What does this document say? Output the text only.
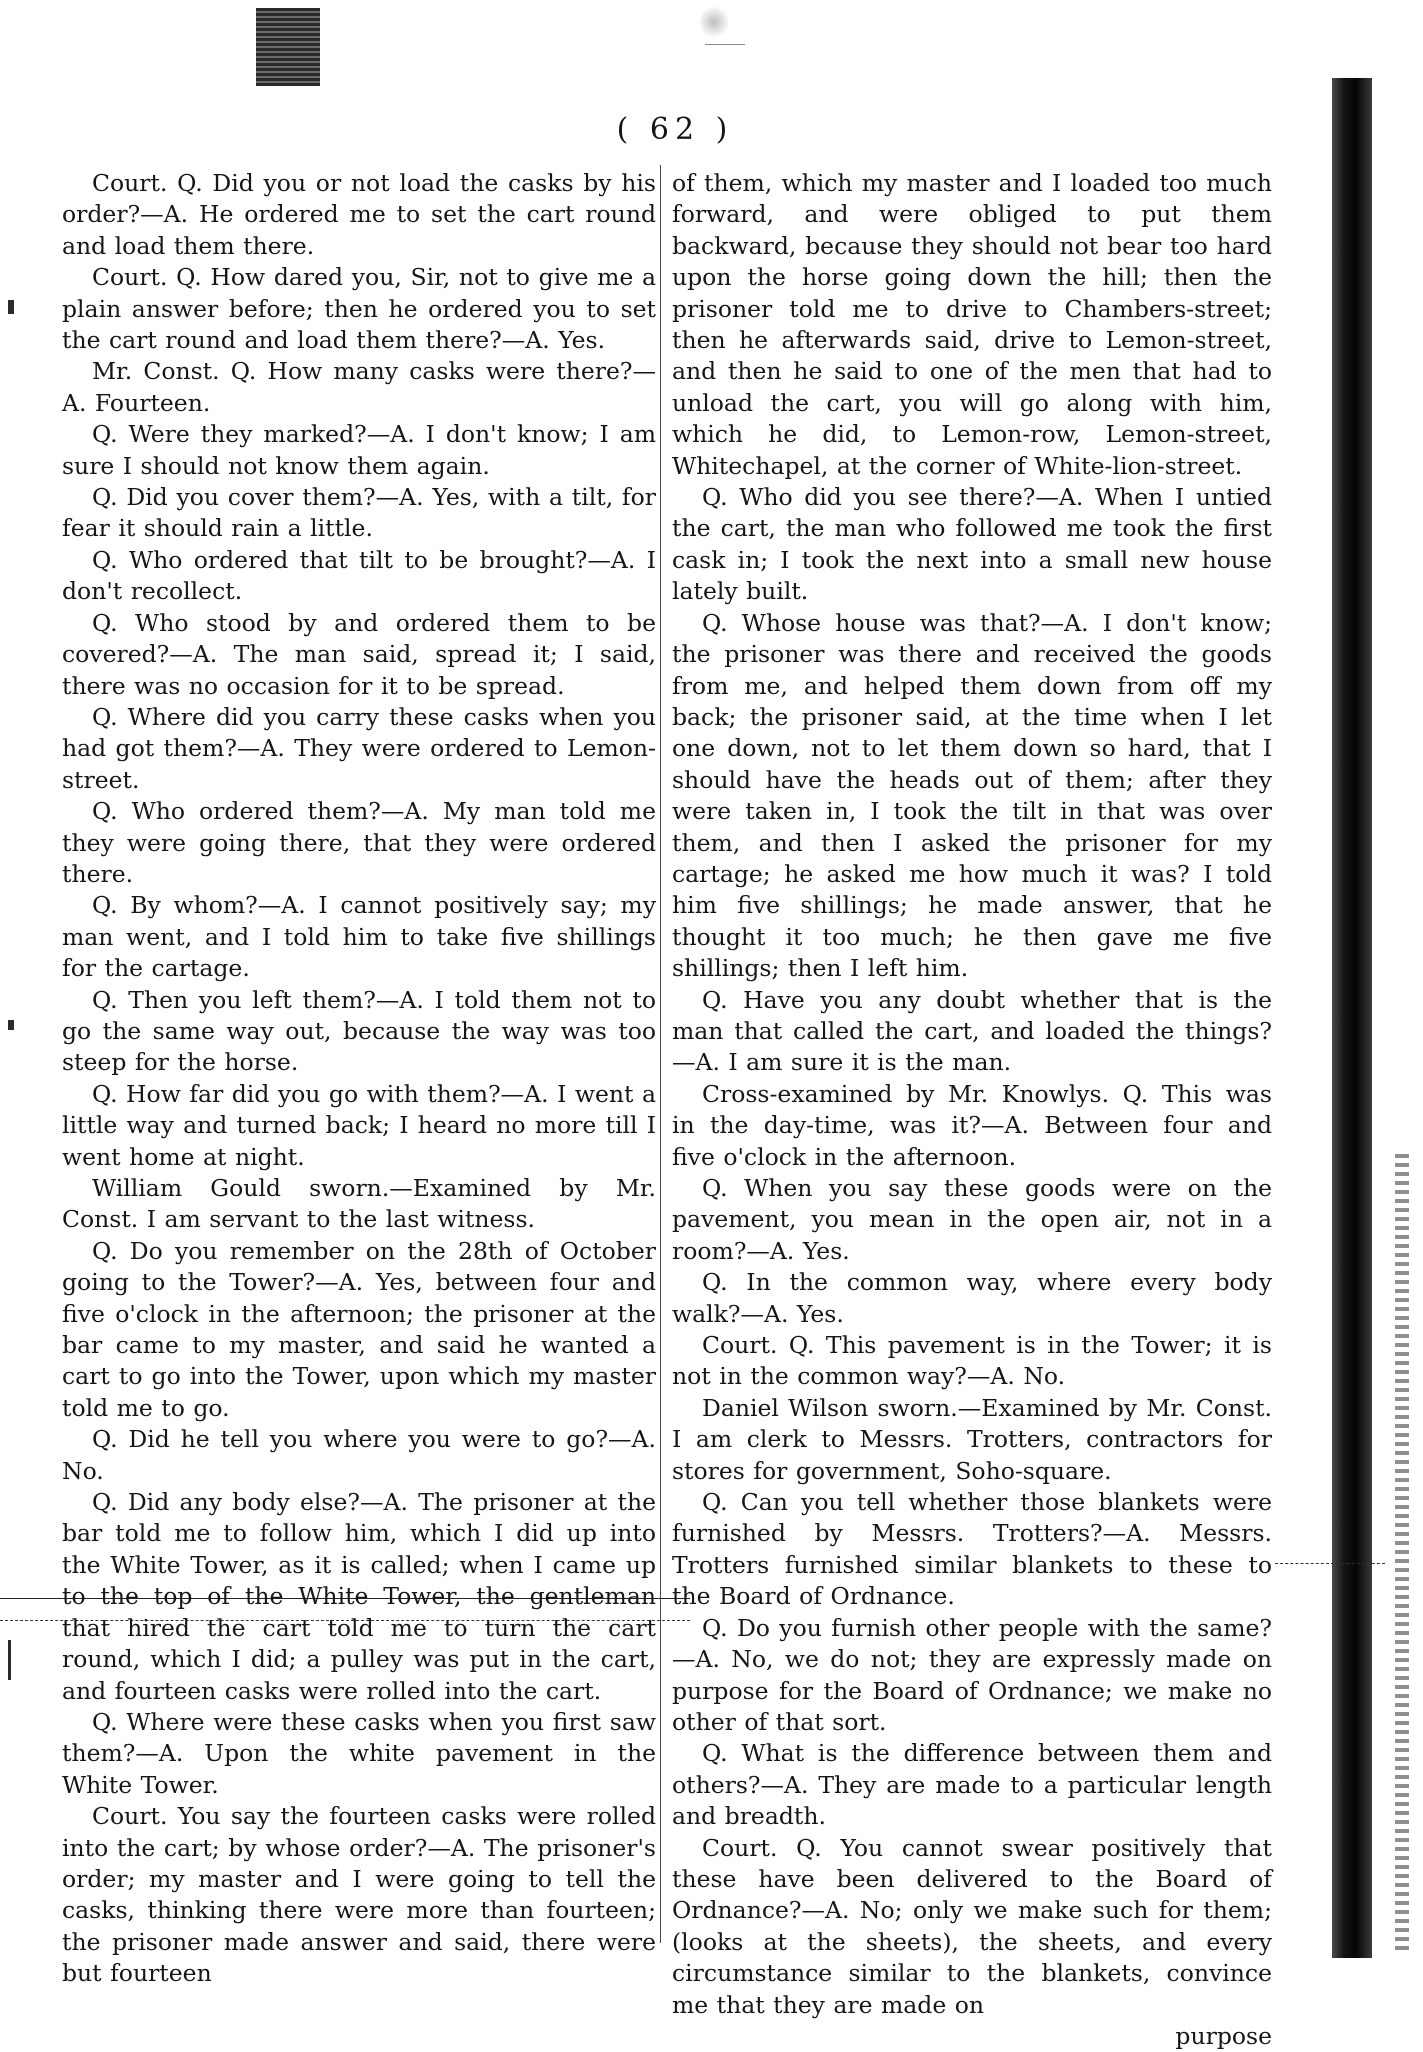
( 62 )

Court. Q. Did you or not load the casks by his order?—A. He ordered me to set the cart round and load them there.

Court. Q. How dared you, Sir, not to give me a plain answer before; then he ordered you to set the cart round and load them there?—A. Yes.

Mr. Const. Q. How many casks were there?—A. Fourteen.

Q. Were they marked?—A. I don't know; I am sure I should not know them again.

Q. Did you cover them?—A. Yes, with a tilt, for fear it should rain a little.

Q. Who ordered that tilt to be brought?—A. I don't recollect.

Q. Who stood by and ordered them to be covered?—A. The man said, spread it; I said, there was no occasion for it to be spread.

Q. Where did you carry these casks when you had got them?—A. They were ordered to Lemon-street.

Q. Who ordered them?—A. My man told me they were going there, that they were ordered there.

Q. By whom?—A. I cannot positively say; my man went, and I told him to take five shillings for the cartage.

Q. Then you left them?—A. I told them not to go the same way out, because the way was too steep for the horse.

Q. How far did you go with them?—A. I went a little way and turned back; I heard no more till I went home at night.

William Gould sworn.—Examined by Mr. Const. I am servant to the last witness.

Q. Do you remember on the 28th of October going to the Tower?—A. Yes, between four and five o'clock in the afternoon; the prisoner at the bar came to my master, and said he wanted a cart to go into the Tower, upon which my master told me to go.

Q. Did he tell you where you were to go?—A. No.

Q. Did any body else?—A. The prisoner at the bar told me to follow him, which I did up into the White Tower, as it is called; when I came up to the top of the White Tower, the gentleman that hired the cart told me to turn the cart round, which I did; a pulley was put in the cart, and fourteen casks were rolled into the cart.

Q. Where were these casks when you first saw them?—A. Upon the white pavement in the White Tower.

Court. You say the fourteen casks were rolled into the cart; by whose order?—A. The prisoner's order; my master and I were going to tell the casks, thinking there were more than fourteen; the prisoner made answer and said, there were but fourteen

of them, which my master and I loaded too much forward, and were obliged to put them backward, because they should not bear too hard upon the horse going down the hill; then the prisoner told me to drive to Chambers-street; then he afterwards said, drive to Lemon-street, and then he said to one of the men that had to unload the cart, you will go along with him, which he did, to Lemon-row, Lemon-street, Whitechapel, at the corner of White-lion-street.

Q. Who did you see there?—A. When I untied the cart, the man who followed me took the first cask in; I took the next into a small new house lately built.

Q. Whose house was that?—A. I don't know; the prisoner was there and received the goods from me, and helped them down from off my back; the prisoner said, at the time when I let one down, not to let them down so hard, that I should have the heads out of them; after they were taken in, I took the tilt in that was over them, and then I asked the prisoner for my cartage; he asked me how much it was? I told him five shillings; he made answer, that he thought it too much; he then gave me five shillings; then I left him.

Q. Have you any doubt whether that is the man that called the cart, and loaded the things?—A. I am sure it is the man.

Cross-examined by Mr. Knowlys. Q. This was in the day-time, was it?—A. Between four and five o'clock in the afternoon.

Q. When you say these goods were on the pavement, you mean in the open air, not in a room?—A. Yes.

Q. In the common way, where every body walk?—A. Yes.

Court. Q. This pavement is in the Tower; it is not in the common way?—A. No.

Daniel Wilson sworn.—Examined by Mr. Const. I am clerk to Messrs. Trotters, contractors for stores for government, Soho-square.

Q. Can you tell whether those blankets were furnished by Messrs. Trotters?—A. Messrs. Trotters furnished similar blankets to these to the Board of Ordnance.

Q. Do you furnish other people with the same?—A. No, we do not; they are expressly made on purpose for the Board of Ordnance; we make no other of that sort.

Q. What is the difference between them and others?—A. They are made to a particular length and breadth.

Court. Q. You cannot swear positively that these have been delivered to the Board of Ordnance?—A. No; only we make such for them; (looks at the sheets), the sheets, and every circumstance similar to the blankets, convince me that they are made on

purpose
